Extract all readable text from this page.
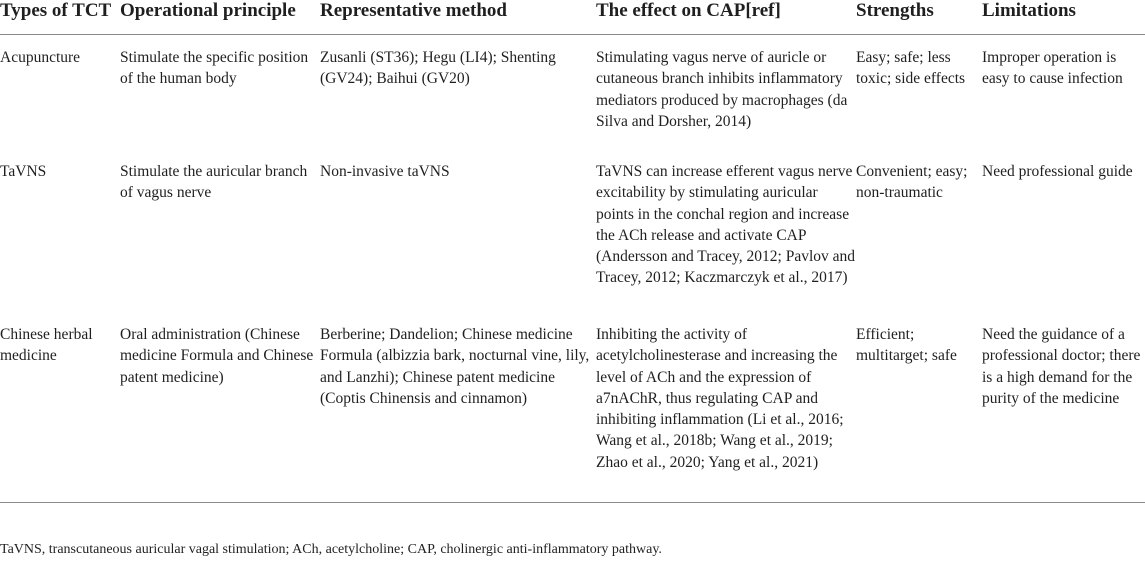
Types of TCT	Operational principle	Representative method	The effect on CAP[ref]	Strengths	Limitations
Acupuncture	Stimulate the specific position of the human body	Zusanli (ST36); Hegu (LI4); Shenting (GV24); Baihui (GV20)	Stimulating vagus nerve of auricle or cutaneous branch inhibits inflammatory mediators produced by macrophages (da Silva and Dorsher, 2014)	Easy; safe; less toxic; side effects	Improper operation is easy to cause infection
TaVNS	Stimulate the auricular branch of vagus nerve	Non-invasive taVNS	TaVNS can increase efferent vagus nerve excitability by stimulating auricular points in the conchal region and increase the ACh release and activate CAP (Andersson and Tracey, 2012; Pavlov and Tracey, 2012; Kaczmarczyk et al., 2017)	Convenient; easy; non-traumatic	Need professional guide
Chinese herbal medicine	Oral administration (Chinese medicine Formula and Chinese patent medicine)	Berberine; Dandelion; Chinese medicine Formula (albizzia bark, nocturnal vine, lily, and Lanzhi); Chinese patent medicine (Coptis Chinensis and cinnamon)	Inhibiting the activity of acetylcholinesterase and increasing the level of ACh and the expression of a7nAChR, thus regulating CAP and inhibiting inflammation (Li et al., 2016; Wang et al., 2018b; Wang et al., 2019; Zhao et al., 2020; Yang et al., 2021)	Efficient; multitarget; safe	Need the guidance of a professional doctor; there is a high demand for the purity of the medicine
TaVNS, transcutaneous auricular vagal stimulation; ACh, acetylcholine; CAP, cholinergic anti-inflammatory pathway.
